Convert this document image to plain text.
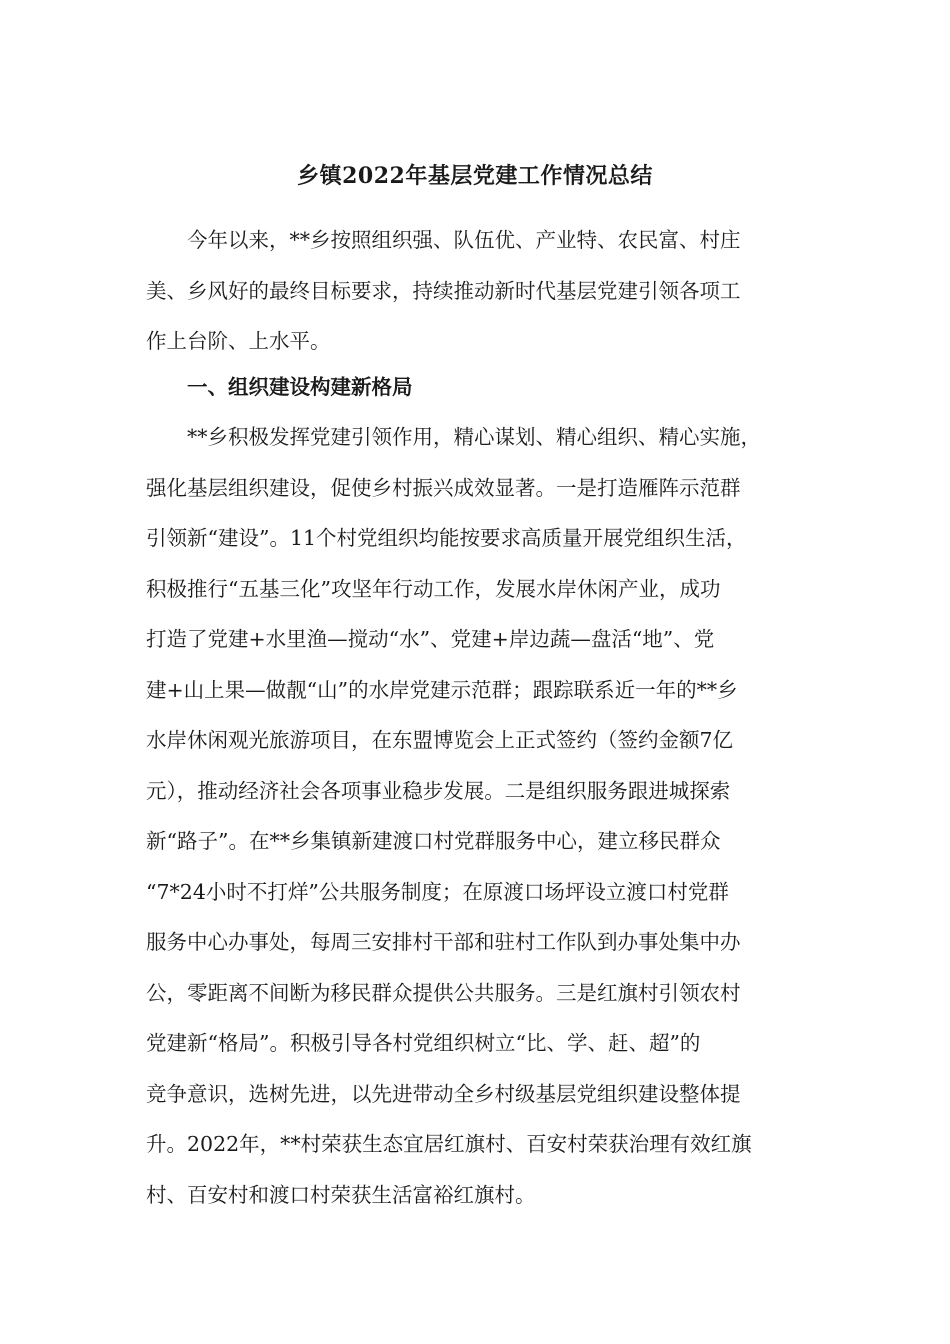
乡镇2022年基层党建工作情况总结
今年以来，**乡按照组织强、队伍优、产业特、农民富、村庄
美、乡风好的最终目标要求，持续推动新时代基层党建引领各项工
作上台阶、上水平。
一、组织建设构建新格局
**乡积极发挥党建引领作用，精心谋划、精心组织、精心实施，
强化基层组织建设，促使乡村振兴成效显著。一是打造雁阵示范群
引领新“建设”。11个村党组织均能按要求高质量开展党组织生活，
积极推行“五基三化”攻坚年行动工作，发展水岸休闲产业，成功
打造了党建+水里渔—搅动“水”、党建+岸边蔬—盘活“地”、党
建+山上果—做靓“山”的水岸党建示范群；跟踪联系近一年的**乡
水岸休闲观光旅游项目，在东盟博览会上正式签约（签约金额7亿
元），推动经济社会各项事业稳步发展。二是组织服务跟进城探索
新“路子”。在**乡集镇新建渡口村党群服务中心，建立移民群众
“7*24小时不打烊”公共服务制度；在原渡口场坪设立渡口村党群
服务中心办事处，每周三安排村干部和驻村工作队到办事处集中办
公，零距离不间断为移民群众提供公共服务。三是红旗村引领农村
党建新“格局”。积极引导各村党组织树立“比、学、赶、超”的
竞争意识，选树先进，以先进带动全乡村级基层党组织建设整体提
升。2022年，**村荣获生态宜居红旗村、百安村荣获治理有效红旗
村、百安村和渡口村荣获生活富裕红旗村。
